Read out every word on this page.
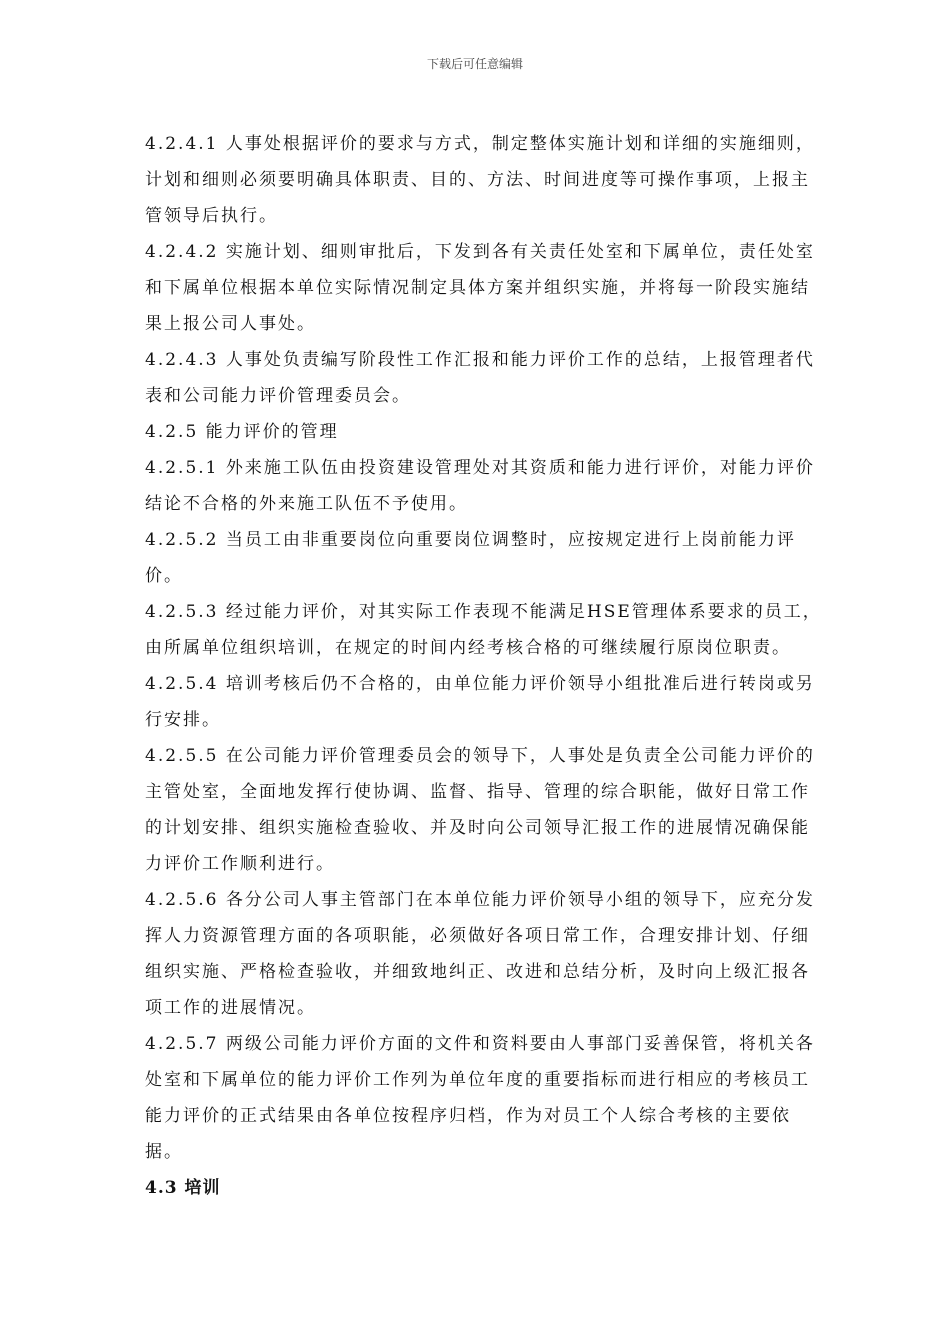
下载后可任意编辑

4.2.4.1 人事处根据评价的要求与方式，制定整体实施计划和详细的实施细则，计划和细则必须要明确具体职责、目的、方法、时间进度等可操作事项，上报主管领导后执行。

4.2.4.2 实施计划、细则审批后，下发到各有关责任处室和下属单位，责任处室和下属单位根据本单位实际情况制定具体方案并组织实施，并将每一阶段实施结果上报公司人事处。

4.2.4.3 人事处负责编写阶段性工作汇报和能力评价工作的总结，上报管理者代表和公司能力评价管理委员会。

4.2.5 能力评价的管理

4.2.5.1 外来施工队伍由投资建设管理处对其资质和能力进行评价，对能力评价结论不合格的外来施工队伍不予使用。

4.2.5.2 当员工由非重要岗位向重要岗位调整时，应按规定进行上岗前能力评价。

4.2.5.3 经过能力评价，对其实际工作表现不能满足HSE管理体系要求的员工，由所属单位组织培训，在规定的时间内经考核合格的可继续履行原岗位职责。

4.2.5.4 培训考核后仍不合格的，由单位能力评价领导小组批准后进行转岗或另行安排。

4.2.5.5 在公司能力评价管理委员会的领导下，人事处是负责全公司能力评价的主管处室，全面地发挥行使协调、监督、指导、管理的综合职能，做好日常工作的计划安排、组织实施检查验收、并及时向公司领导汇报工作的进展情况确保能力评价工作顺利进行。

4.2.5.6 各分公司人事主管部门在本单位能力评价领导小组的领导下，应充分发挥人力资源管理方面的各项职能，必须做好各项日常工作，合理安排计划、仔细组织实施、严格检查验收，并细致地纠正、改进和总结分析，及时向上级汇报各项工作的进展情况。

4.2.5.7 两级公司能力评价方面的文件和资料要由人事部门妥善保管，将机关各处室和下属单位的能力评价工作列为单位年度的重要指标而进行相应的考核员工能力评价的正式结果由各单位按程序归档，作为对员工个人综合考核的主要依据。

4.3 培训
